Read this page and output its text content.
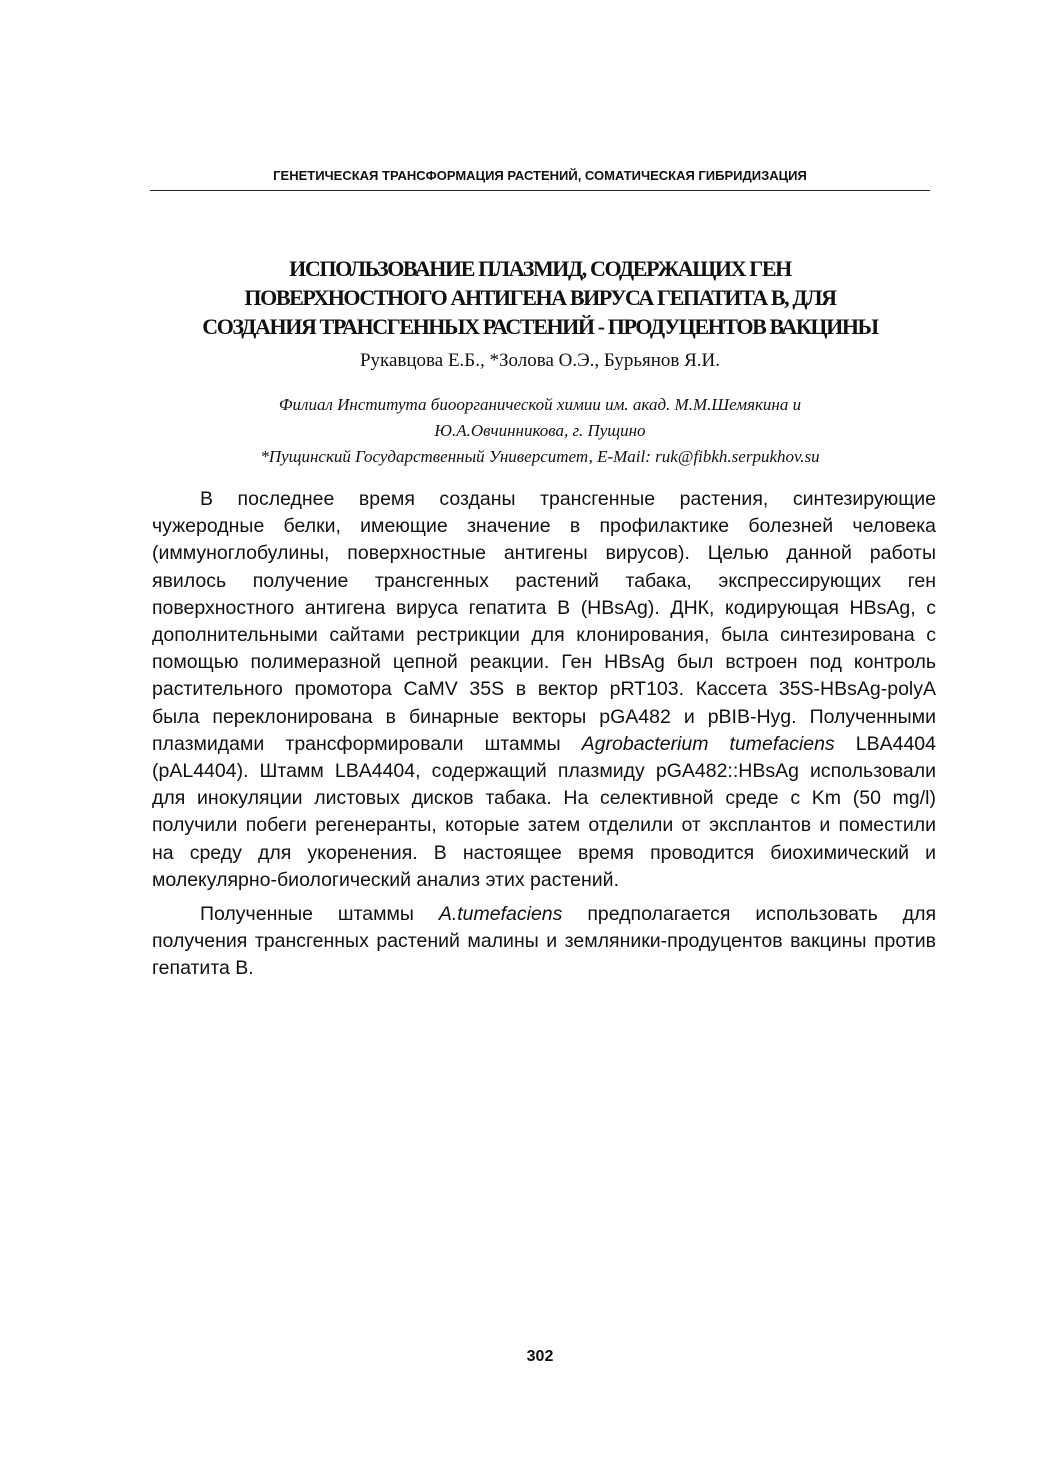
ГЕНЕТИЧЕСКАЯ ТРАНСФОРМАЦИЯ РАСТЕНИЙ, СОМАТИЧЕСКАЯ ГИБРИДИЗАЦИЯ
ИСПОЛЬЗОВАНИЕ ПЛАЗМИД, СОДЕРЖАЩИХ ГЕН
ПОВЕРХНОСТНОГО АНТИГЕНА ВИРУСА ГЕПАТИТА В, ДЛЯ
СОЗДАНИЯ ТРАНСГЕННЫХ РАСТЕНИЙ - ПРОДУЦЕНТОВ ВАКЦИНЫ
Рукавцова Е.Б., *Золова О.Э., Бурьянов Я.И.
Филиал Института биоорганической химии им. акад. М.М.Шемякина и
Ю.А.Овчинникова, г. Пущино
*Пущинский Государственный Университет, E-Mail: ruk@fibkh.serpukhov.su

В последнее время созданы трансгенные растения, синтезирующие чужеродные белки, имеющие значение в профилактике болезней человека (иммуноглобулины, поверхностные антигены вирусов). Целью данной работы явилось получение трансгенных растений табака, экспрессирующих ген поверхностного антигена вируса гепатита В (HBsAg). ДНК, кодирующая HBsAg, с дополнительными сайтами рестрикции для клонирования, была синтезирована с помощью полимеразной цепной реакции. Ген HBsAg был встроен под контроль растительного промотора CaMV 35S в вектор pRT103. Кассета 35S-HBsAg-polyA была переклонирована в бинарные векторы pGA482 и pBIB-Hyg. Полученными плазмидами трансформировали штаммы Agrobacterium tumefaciens LBA4404 (pAL4404). Штамм LBA4404, содержащий плазмиду pGA482::HBsAg использовали для инокуляции листовых дисков табака. На селективной среде с Km (50 mg/l) получили побеги регенеранты, которые затем отделили от эксплантов и поместили на среду для укоренения. В настоящее время проводится биохимический и молекулярно-биологический анализ этих растений.

Полученные штаммы A.tumefaciens предполагается использовать для получения трансгенных растений малины и земляники-продуцентов вакцины против гепатита В.

302
